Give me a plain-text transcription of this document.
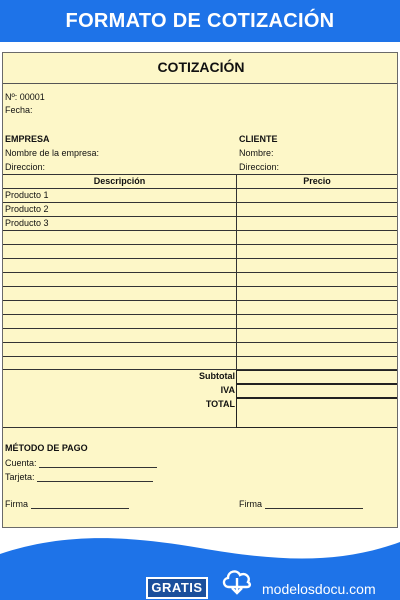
FORMATO DE COTIZACIÓN
COTIZACIÓN
Nº: 00001
Fecha:
EMPRESA
Nombre de la empresa:
Direccion:
CLIENTE
Nombre:
Direccion:
Descripción	Precio
Producto 1
Producto 2
Producto 3
Subtotal
IVA
TOTAL
MÉTODO DE PAGO
Cuenta:
Tarjeta:
Firma	Firma
GRATIS	modelosdocu.com
